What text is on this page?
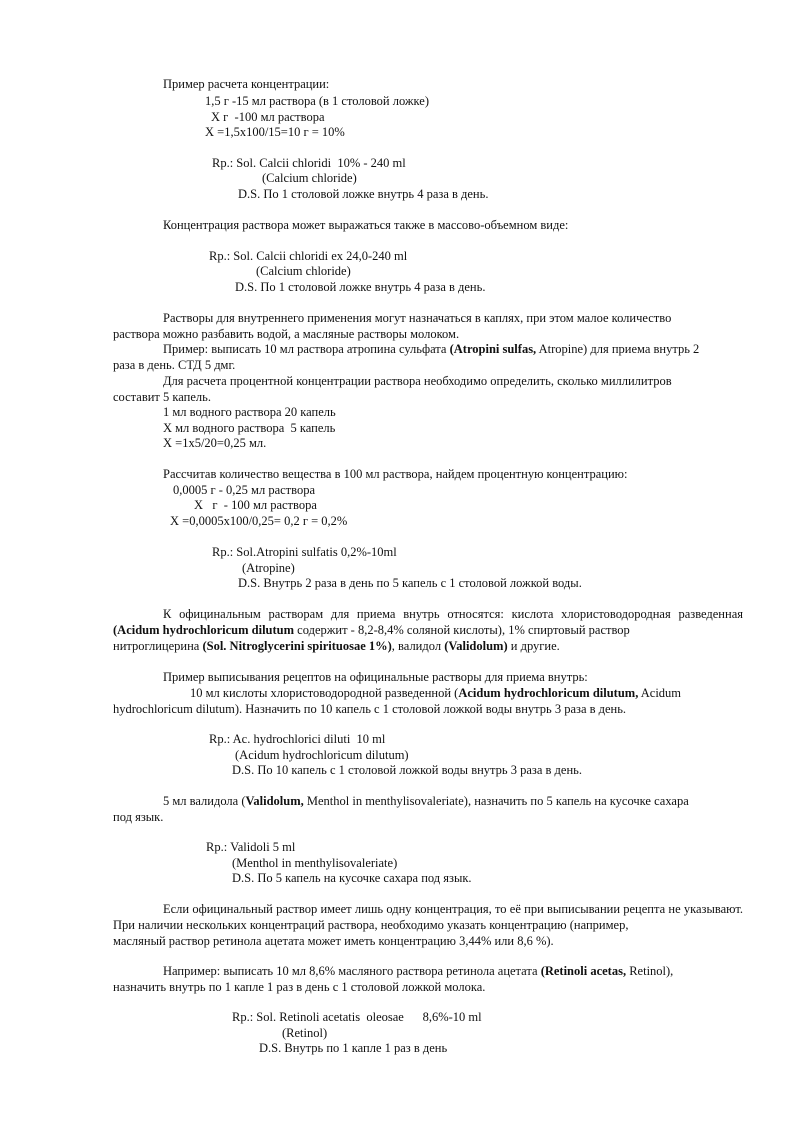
Пример расчета концентрации:
1,5 г -15 мл раствора (в 1 столовой ложке)
X г  -100 мл раствора
X =1,5x100/15=10 г = 10%
Rp.: Sol. Calcii chloridi  10% - 240 ml
(Calcium chloride)
D.S. По 1 столовой ложке внутрь 4 раза в день.
Концентрация раствора может выражаться также в массово-объемном виде:
Rp.: Sol. Calcii chloridi ex 24,0-240 ml
(Calcium chloride)
D.S. По 1 столовой ложке внутрь 4 раза в день.
Растворы для внутреннего применения могут назначаться в каплях, при этом малое количество
раствора можно разбавить водой, а масляные растворы молоком.
Пример: выписать 10 мл раствора атропина сульфата (Atropini sulfas, Atropine) для приема внутрь 2
раза в день. СТД 5 дмг.
Для расчета процентной концентрации раствора необходимо определить, сколько миллилитров
составит 5 капель.
1 мл водного раствора 20 капель
X мл водного раствора  5 капель
X =1x5/20=0,25 мл.
Рассчитав количество вещества в 100 мл раствора, найдем процентную концентрацию:
0,0005 г - 0,25 мл раствора
X   г  - 100 мл раствора
X =0,0005x100/0,25= 0,2 г = 0,2%
Rp.: Sol.Atropini sulfatis 0,2%-10ml
(Atropine)
D.S. Внутрь 2 раза в день по 5 капель с 1 столовой ложкой воды.
К официнальным растворам для приема внутрь относятся: кислота хлористоводородная разведенная (Acidum hydrochloricum dilutum содержит - 8,2-8,4% соляной кислоты), 1% спиртовый раствор
нитроглицерина (Sol. Nitroglycerini spirituosae 1%), валидол (Validolum) и другие.
Пример выписывания рецептов на официнальные растворы для приема внутрь:
10 мл кислоты хлористоводородной разведенной (Acidum hydrochloricum dilutum, Acidum
hydrochloricum dilutum). Назначить по 10 капель с 1 столовой ложкой воды внутрь 3 раза в день.
Rp.: Ac. hydrochlorici diluti  10 ml
(Acidum hydrochloricum dilutum)
D.S. По 10 капель с 1 столовой ложкой воды внутрь 3 раза в день.
5 мл валидола (Validolum, Menthol in menthylisovaleriate), назначить по 5 капель на кусочке сахара
под язык.
Rp.: Validoli 5 ml
(Menthol in menthylisovaleriate)
D.S. По 5 капель на кусочке сахара под язык.
Если официнальный раствор имеет лишь одну концентрация, то её при выписывании рецепта не указывают. При наличии нескольких концентраций раствора, необходимо указать концентрацию (например,
масляный раствор ретинола ацетата может иметь концентрацию 3,44% или 8,6 %).
Например: выписать 10 мл 8,6% масляного раствора ретинола ацетата (Retinoli acetas, Retinol),
назначить внутрь по 1 капле 1 раз в день с 1 столовой ложкой молока.
Rp.: Sol. Retinoli acetatis  oleosae      8,6%-10 ml
(Retinol)
D.S. Внутрь по 1 капле 1 раз в день
